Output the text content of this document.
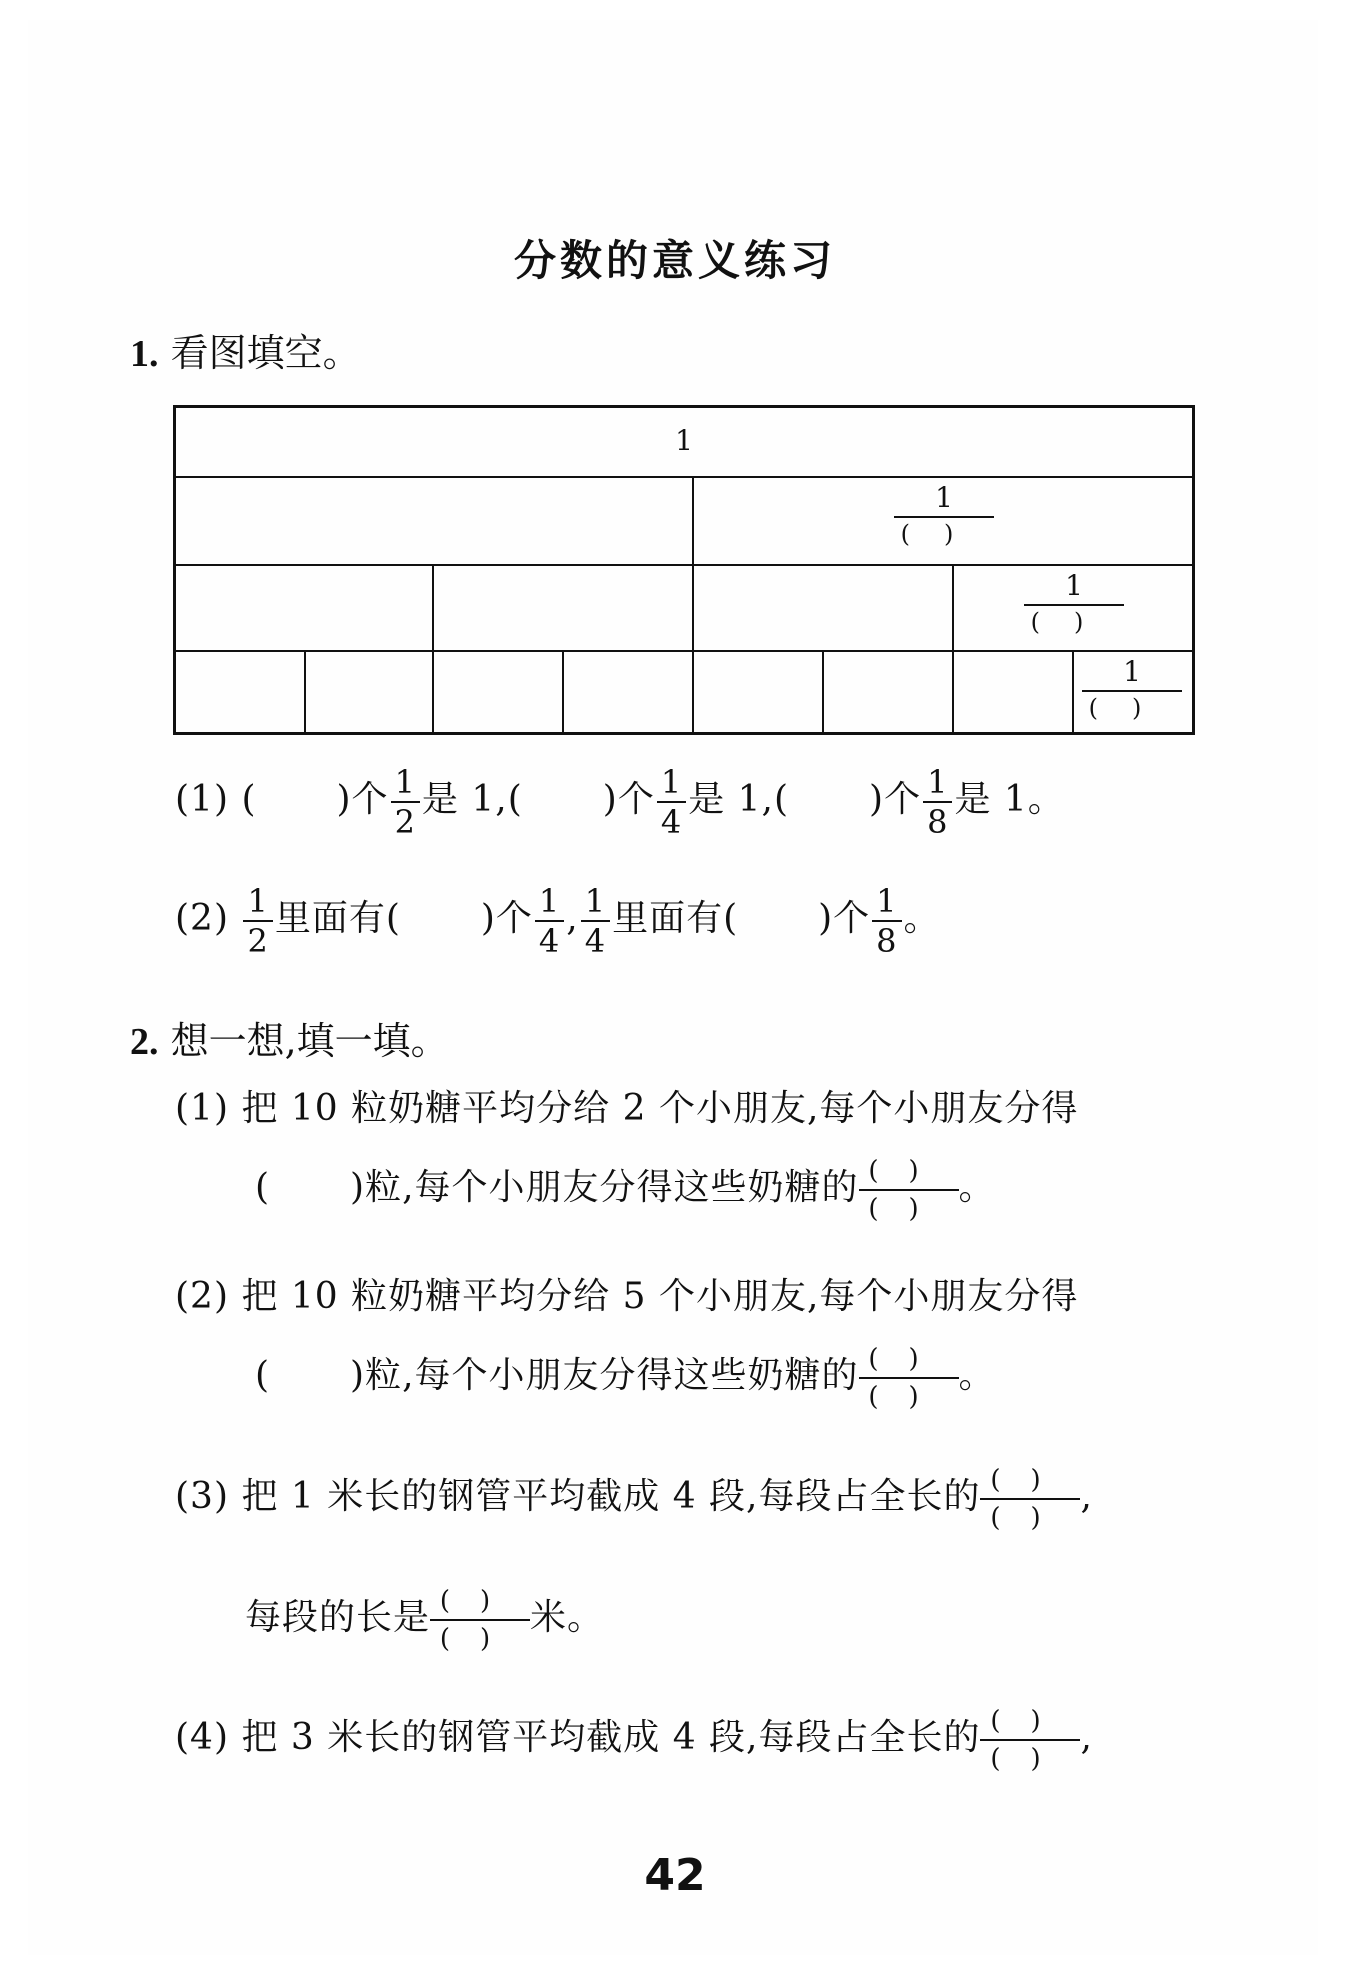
分数的意义练习
1. 看图填空。
1
1
()
1
()
1
()
(1) ( )个 $\frac{1}{2}$ 是 1,( )个 $\frac{1}{4}$ 是 1,( )个 $\frac{1}{8}$ 是 1。
$(2) \frac{1}{2}$ 里面有( )个 $\frac{1}{4}$ , $\frac{1}{4}$ 里面有( )个 $\frac{1}{8}$ 。
2. 想一想,填一填。
(1) 把 10 粒奶糖平均分给 2 个小朋友,每个小朋友分得
( )粒,每个小朋友分得这些奶糖的 ()
()
。
(2) 把 10 粒奶糖平均分给 5 个小朋友,每个小朋友分得
( )粒,每个小朋友分得这些奶糖的 ()
()
。
(3) 把 1 米长的钢管平均截成 4 段,每段占全长的 ()
()
,
每段的长是 ()
()
米。
(4) 把 3 米长的钢管平均截成 4 段,每段占全长的 ()
()
,
42
